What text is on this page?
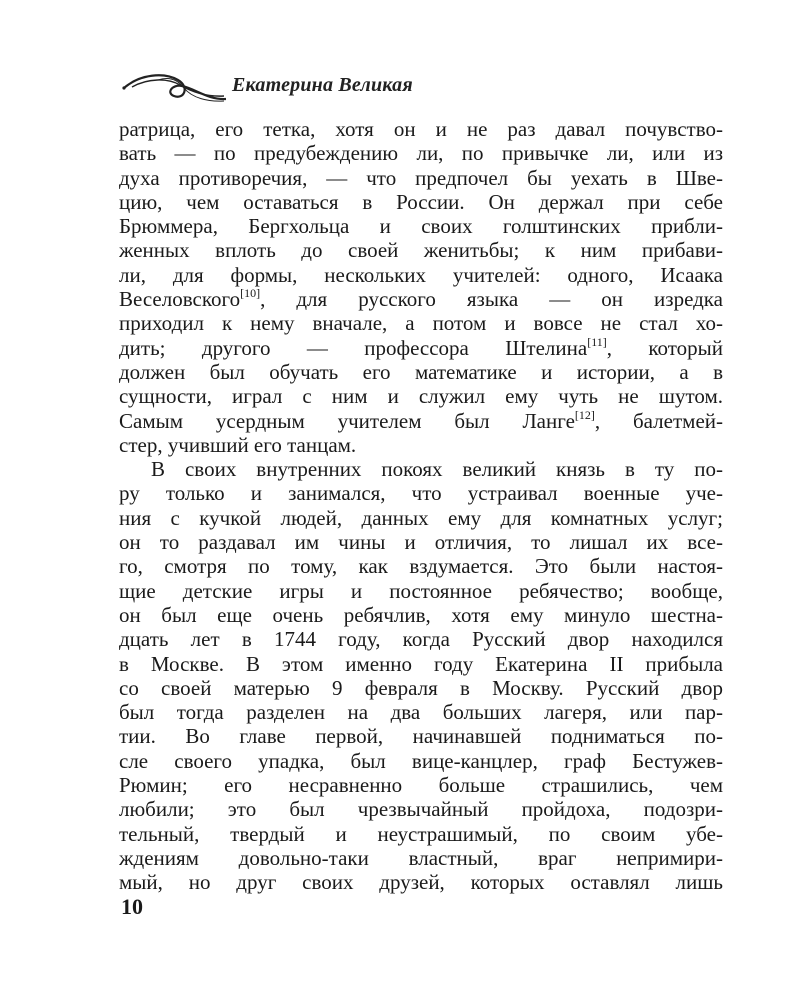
Екатерина Великая
ратрица, его тетка, хотя он и не раз давал почувство-
вать — по предубеждению ли, по привычке ли, или из
духа противоречия, — что предпочел бы уехать в Шве-
цию, чем оставаться в России. Он держал при себе
Брюммера, Бергхольца и своих голштинских прибли-
женных вплоть до своей женитьбы; к ним прибави-
ли, для формы, нескольких учителей: одного, Исаака
Веселовского[10], для русского языка — он изредка
приходил к нему вначале, а потом и вовсе не стал хо-
дить; другого — профессора Штелина[11], который
должен был обучать его математике и истории, а в
сущности, играл с ним и служил ему чуть не шутом.
Самым усердным учителем был Ланге[12], балетмей-
стер, учивший его танцам.
В своих внутренних покоях великий князь в ту по-
ру только и занимался, что устраивал военные уче-
ния с кучкой людей, данных ему для комнатных услуг;
он то раздавал им чины и отличия, то лишал их все-
го, смотря по тому, как вздумается. Это были настоя-
щие детские игры и постоянное ребячество; вообще,
он был еще очень ребячлив, хотя ему минуло шестна-
дцать лет в 1744 году, когда Русский двор находился
в Москве. В этом именно году Екатерина II прибыла
со своей матерью 9 февраля в Москву. Русский двор
был тогда разделен на два больших лагеря, или пар-
тии. Во главе первой, начинавшей подниматься по-
сле своего упадка, был вице-канцлер, граф Бестужев-
Рюмин; его несравненно больше страшились, чем
любили; это был чрезвычайный пройдоха, подозри-
тельный, твердый и неустрашимый, по своим убе-
ждениям довольно-таки властный, враг непримири-
мый, но друг своих друзей, которых оставлял лишь
10
